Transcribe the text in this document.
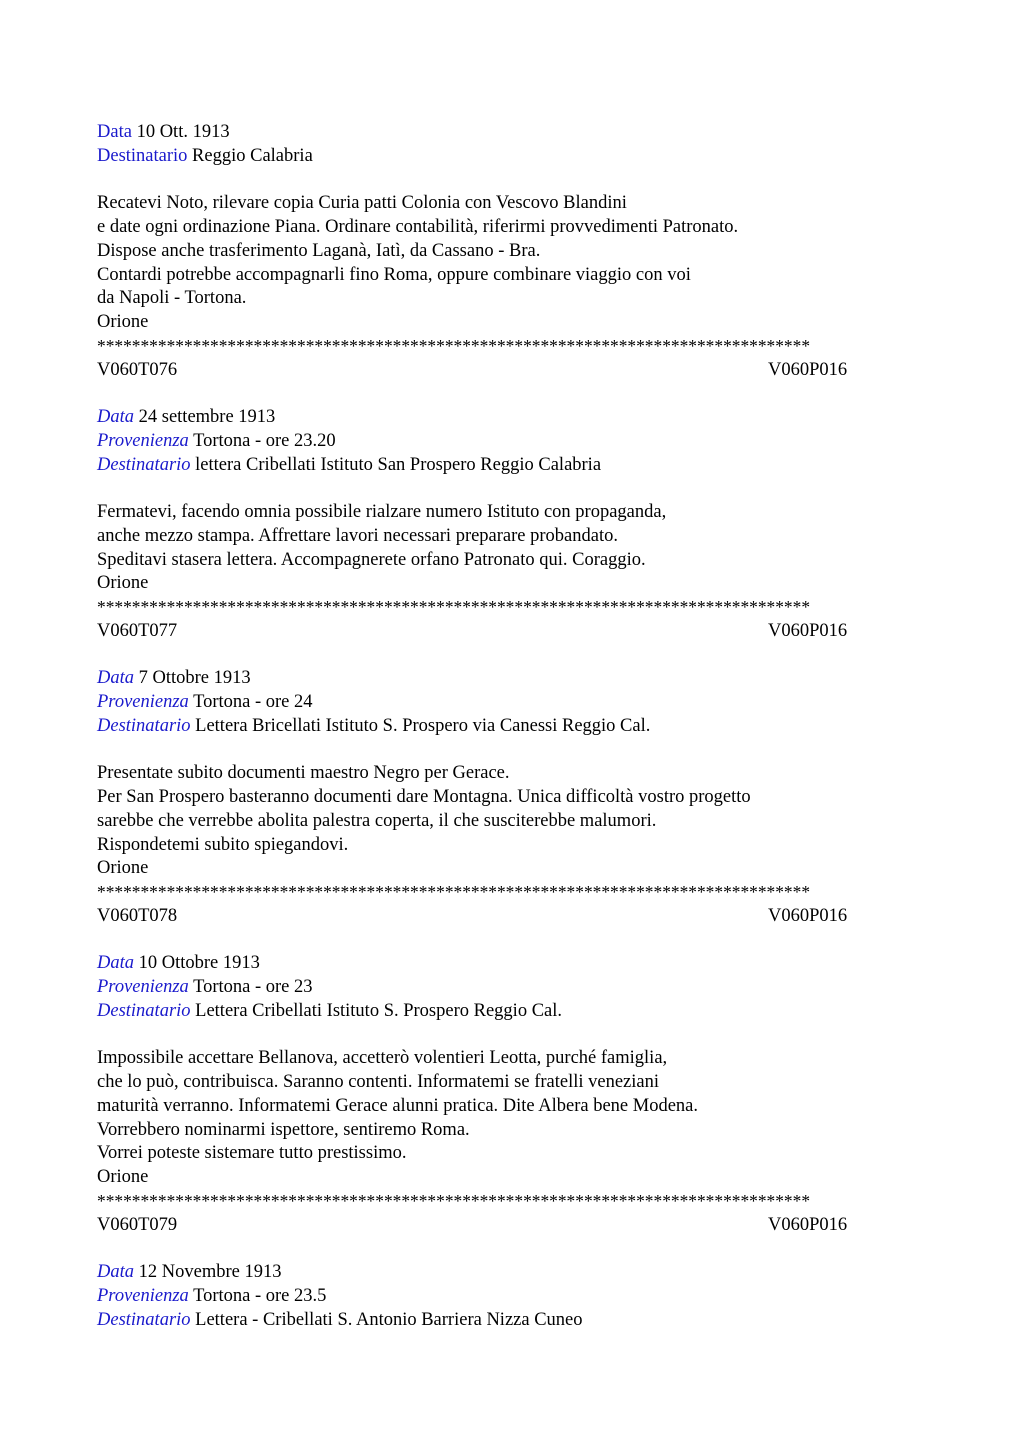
Data 10 Ott. 1913
Destinatario Reggio Calabria
Recatevi Noto, rilevare copia Curia patti Colonia con Vescovo Blandini
e date ogni ordinazione Piana. Ordinare contabilità, riferirmi provvedimenti Patronato.
Dispose anche trasferimento Laganà, Iatì, da Cassano - Bra.
Contardi potrebbe accompagnarli fino Roma, oppure combinare viaggio con voi
da Napoli - Tortona.
Orione
**********************************************************************************
V060T076	V060P016
Data 24 settembre 1913
Provenienza Tortona - ore 23.20
Destinatario lettera Cribellati Istituto San Prospero Reggio Calabria
Fermatevi, facendo omnia possibile rialzare numero Istituto con propaganda,
anche mezzo stampa. Affrettare lavori necessari preparare probandato.
Speditavi stasera lettera. Accompagnerete orfano Patronato qui. Coraggio.
Orione
**********************************************************************************
V060T077	V060P016
Data 7 Ottobre 1913
Provenienza Tortona - ore 24
Destinatario Lettera Bricellati Istituto S. Prospero via Canessi Reggio Cal.
Presentate subito documenti maestro Negro per Gerace.
Per San Prospero basteranno documenti dare Montagna. Unica difficoltà vostro progetto
sarebbe che verrebbe abolita palestra coperta, il che susciterebbe malumori.
Rispondetemi subito spiegandovi.
Orione
**********************************************************************************
V060T078	V060P016
Data 10 Ottobre 1913
Provenienza Tortona - ore 23
Destinatario Lettera Cribellati Istituto S. Prospero Reggio Cal.
Impossibile accettare Bellanova, accetterò volentieri Leotta, purché famiglia,
che lo può, contribuisca. Saranno contenti. Informatemi se fratelli veneziani
maturità verranno. Informatemi Gerace alunni pratica. Dite Albera bene Modena.
Vorrebbero nominarmi ispettore, sentiremo Roma.
Vorrei poteste sistemare tutto prestissimo.
Orione
**********************************************************************************
V060T079	V060P016
Data 12 Novembre 1913
Provenienza Tortona - ore 23.5
Destinatario Lettera - Cribellati S. Antonio Barriera Nizza Cuneo
